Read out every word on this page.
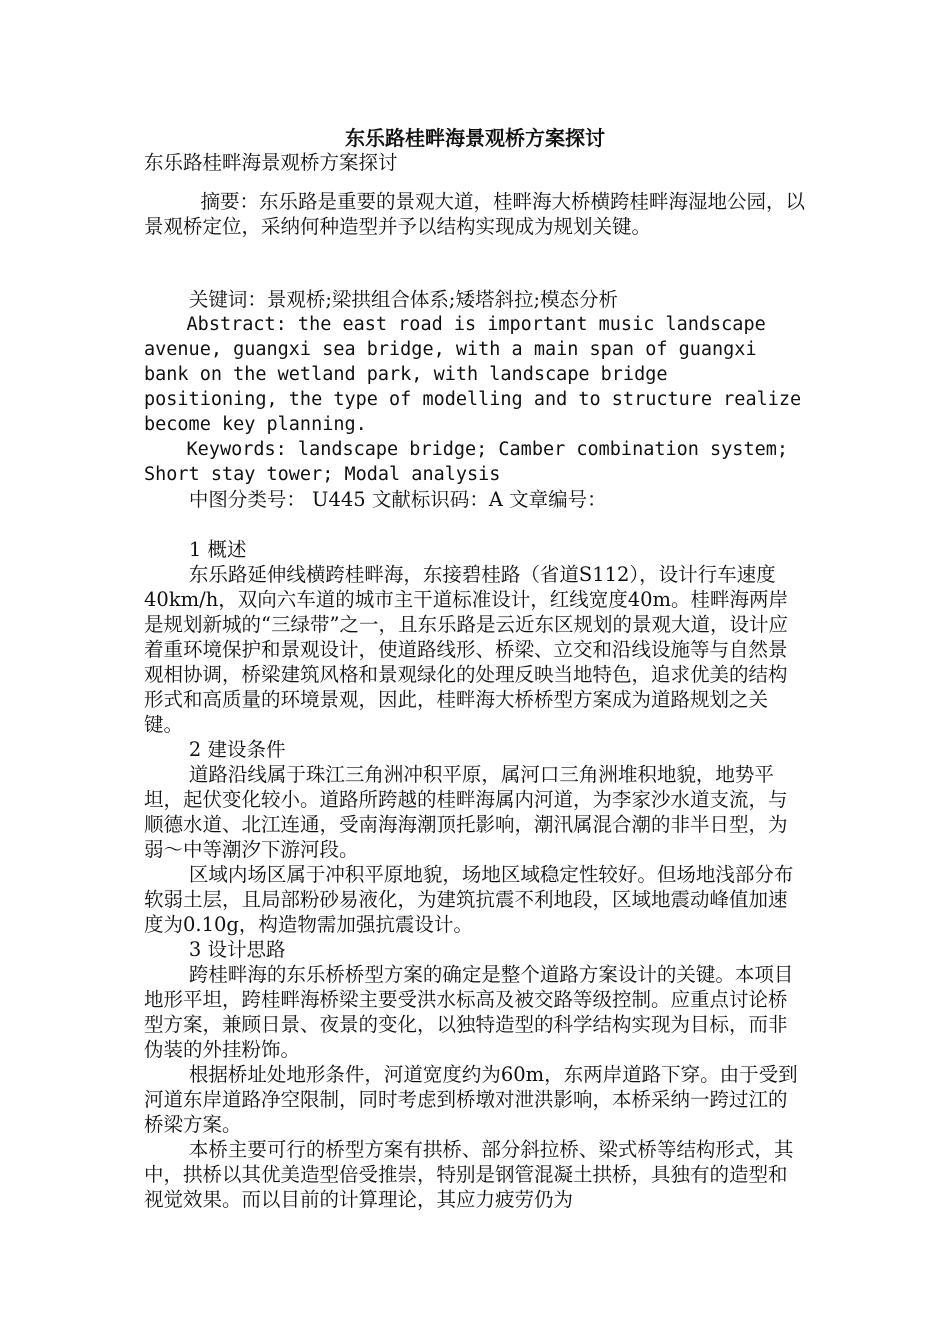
东乐路桂畔海景观桥方案探讨

东乐路桂畔海景观桥方案探讨

摘要：东乐路是重要的景观大道，桂畔海大桥横跨桂畔海湿地公园，以景观桥定位，采纳何种造型并予以结构实现成为规划关键。

关键词：景观桥;梁拱组合体系;矮塔斜拉;模态分析

Abstract: the east road is important music landscape avenue, guangxi sea bridge, with a main span of guangxi bank on the wetland park, with landscape bridge positioning, the type of modelling and to structure realize become key planning.

Keywords: landscape bridge; Camber combination system; Short stay tower; Modal analysis

中图分类号： U445 文献标识码：A 文章编号：

1 概述

东乐路延伸线横跨桂畔海，东接碧桂路（省道S112），设计行车速度40km/h，双向六车道的城市主干道标准设计，红线宽度40m。桂畔海两岸是规划新城的“三绿带”之一，且东乐路是云近东区规划的景观大道，设计应着重环境保护和景观设计，使道路线形、桥梁、立交和沿线设施等与自然景观相协调，桥梁建筑风格和景观绿化的处理反映当地特色，追求优美的结构形式和高质量的环境景观，因此，桂畔海大桥桥型方案成为道路规划之关键。

2 建设条件

道路沿线属于珠江三角洲冲积平原，属河口三角洲堆积地貌，地势平坦，起伏变化较小。道路所跨越的桂畔海属内河道，为李家沙水道支流，与顺德水道、北江连通，受南海海潮顶托影响，潮汛属混合潮的非半日型，为弱～中等潮汐下游河段。

区域内场区属于冲积平原地貌，场地区域稳定性较好。但场地浅部分布软弱土层，且局部粉砂易液化，为建筑抗震不利地段，区域地震动峰值加速度为0.10g，构造物需加强抗震设计。

3 设计思路

跨桂畔海的东乐桥桥型方案的确定是整个道路方案设计的关键。本项目地形平坦，跨桂畔海桥梁主要受洪水标高及被交路等级控制。应重点讨论桥型方案，兼顾日景、夜景的变化，以独特造型的科学结构实现为目标，而非伪装的外挂粉饰。

根据桥址处地形条件，河道宽度约为60m，东两岸道路下穿。由于受到河道东岸道路净空限制，同时考虑到桥墩对泄洪影响，本桥采纳一跨过江的桥梁方案。

本桥主要可行的桥型方案有拱桥、部分斜拉桥、梁式桥等结构形式，其中，拱桥以其优美造型倍受推崇，特别是钢管混凝土拱桥，具独有的造型和视觉效果。而以目前的计算理论，其应力疲劳仍为
